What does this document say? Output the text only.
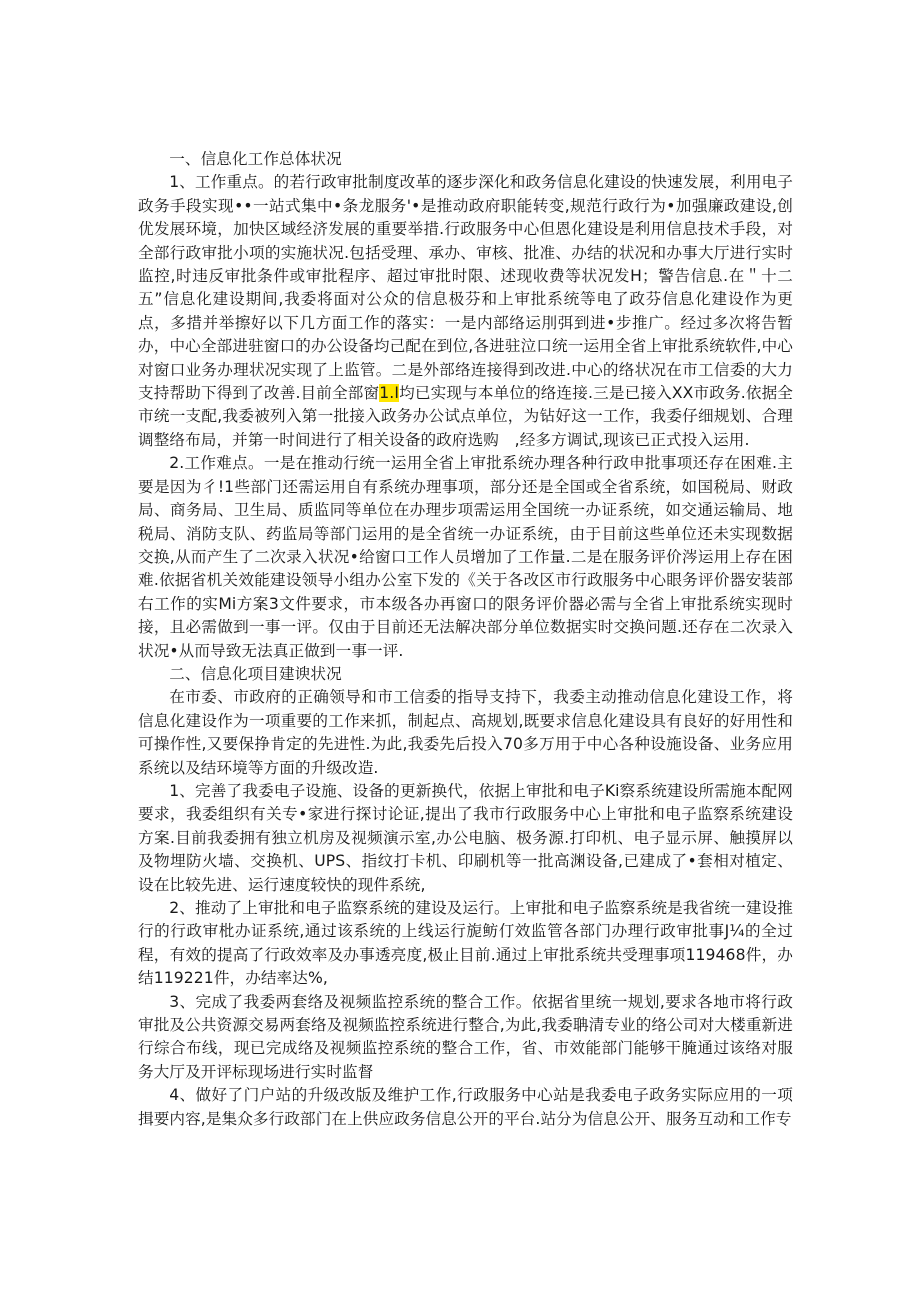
一、信息化工作总体状况

1、工作重点。的若行政审批制度改革的逐步深化和政务信息化建设的快速发展，利用电子政务手段实现••一站式集中•条龙服务'•是推动政府职能转变,规范行政行为•加强廉政建设,创优发展环境，加快区域经济发展的重要举措.行政服务中心但恩化建设是利用信息技术手段，对全部行政审批小项的实施状况.包括受理、承办、审核、批准、办结的状况和办事大厅进行实时监控,时违反审批条件或审批程序、超过审批时限、述现收费等状况发H；警告信息.在＂十二五”信息化建设期间,我委将面对公众的信息极芬和上审批系统等电了政芬信息化建设作为更点，多措并举擦好以下几方面工作的落实：一是内部络运刖弭到进•步推广。经过多次将告暂办，中心全部进驻窗口的办公设备均己配在到位,各进驻泣口统一运用全省上审批系统软件,中心对窗口业务办理状况实现了上监管。二是外部络连接得到改进.中心的络状况在市工信委的大力支持帮助下得到了改善.目前全部窗1.I均已实现与本单位的络连接.三是已接入XX市政务.依据全市统一支配,我委被列入第一批接入政务办公试点单位，为钻好这一工作，我委仔细规划、合理调整络布局，并第一时间进行了相关设备的政府选购　,经多方调试,现该已正式投入运用.

2.工作难点。一是在推动行统一运用全省上审批系统办理各种行政申批事项还存在困难.主要是因为彳!1些部门还需运用自有系统办理事项，部分还是全国或全省系统，如国税局、财政局、商务局、卫生局、质监同等单位在办理步项需运用全国统一办证系统，如交通运输局、地税局、消防支队、药监局等部门运用的是全省统一办证系统，由于目前这些单位还未实现数据交换,从而产生了二次录入状况•给窗口工作人员增加了工作量.二是在服务评价涔运用上存在困难.依据省机关效能建设领导小组办公室下发的《关于各改区市行政服务中心眼务评价器安装部右工作的实Mi方案3文件要求，市本级各办再窗口的限务评价器必需与全省上审批系统实现时接，且必需做到一事一评。仅由于目前还无法解决部分单位数据实时交换问题.还存在二次录入状况•从而导致无法真正做到一事一评.

二、信息化项目建谀状况

在市委、市政府的正确领导和市工信委的指导支持下，我委主动推动信息化建设工作，将信息化建设作为一项重要的工作来抓，制起点、高规划,既要求信息化建设具有良好的好用性和可操作性,又要保挣肯定的先进性.为此,我委先后投入70多万用于中心各种设施设备、业务应用系统以及结环境等方面的升级改造.

1、完善了我委电子设施、设备的更新换代，依据上审批和电子Ki察系统建设所需施本配网要求，我委组织有关专•家进行探讨论证,提出了我市行政服务中心上审批和电子监察系统建设方案.目前我委拥有独立机房及视频演示室,办公电脑、极务源.打印机、电子显示屏、触摸屏以及物埋防火墙、交换机、UPS、指纹打卡机、印刷机等一批高渊设备,已建成了•套相对植定、设在比较先进、运行速度较快的现件系统,

2、推动了上审批和电子监察系统的建设及运行。上审批和电子监察系统是我省统一建设推行的行政审枇办证系统,通过该系统的上线运行旎鲂仃效监管各部门办理行政审批事J¼的全过程，有效的提高了行政效率及办事透亮度,极止目前.通过上审批系统共受理事项119468件，办结119221件，办结率达%,

3、完成了我委两套络及视频监控系统的整合工作。依据省里统一规划,要求各地市将行政审批及公共资源交易两套络及视频监控系统进行整合,为此,我委聃清专业的络公司对大楼重新进行综合布线，现已完成络及视频监控系统的整合工作，省、市效能部门能够干腌通过该络对服务大厅及开评标现场进行实时监督

4、做好了门户站的升级改版及维护工作,行政服务中心站是我委电子政务实际应用的一项揖要内容,是集众多行政部门在上供应政务信息公开的平台.站分为信息公开、服务互动和工作专
